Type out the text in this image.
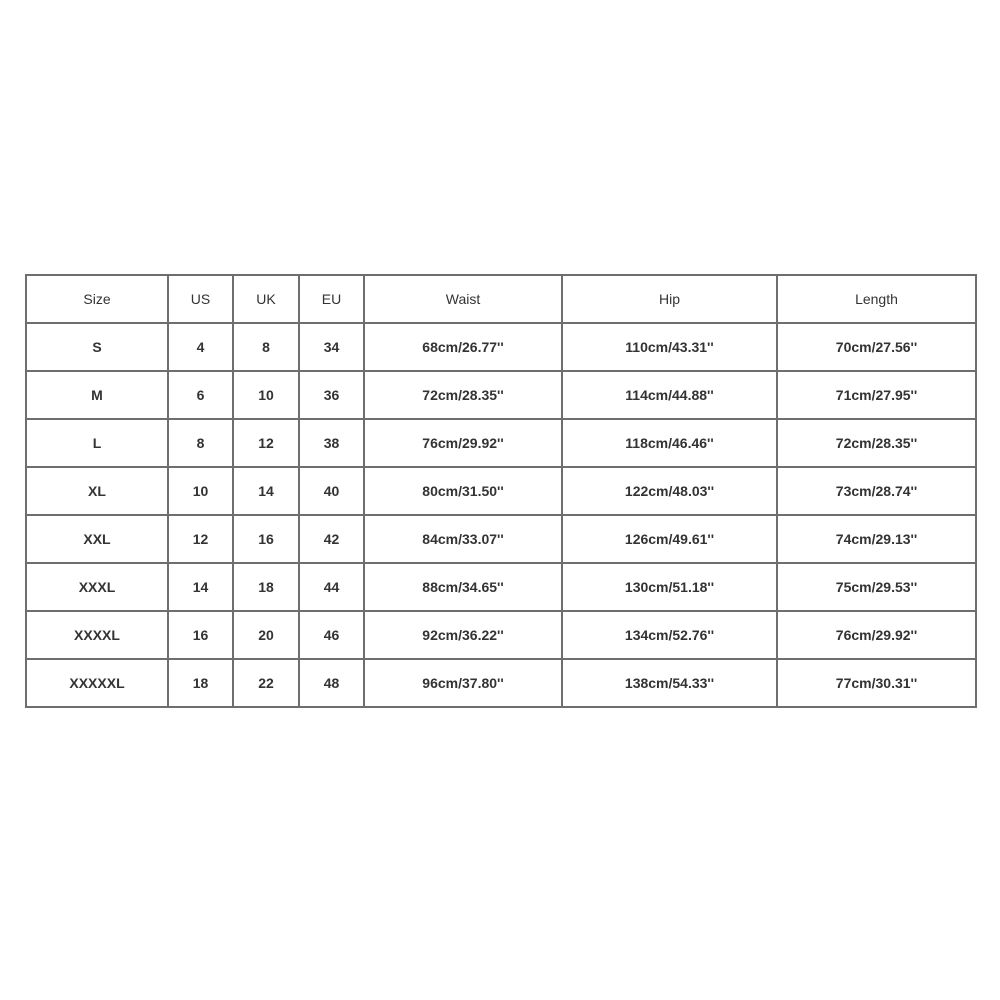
Size	US	UK	EU	Waist	Hip	Length
S	4	8	34	68cm/26.77''	110cm/43.31''	70cm/27.56''
M	6	10	36	72cm/28.35''	114cm/44.88''	71cm/27.95''
L	8	12	38	76cm/29.92''	118cm/46.46''	72cm/28.35''
XL	10	14	40	80cm/31.50''	122cm/48.03''	73cm/28.74''
XXL	12	16	42	84cm/33.07''	126cm/49.61''	74cm/29.13''
XXXL	14	18	44	88cm/34.65''	130cm/51.18''	75cm/29.53''
XXXXL	16	20	46	92cm/36.22''	134cm/52.76''	76cm/29.92''
XXXXXL	18	22	48	96cm/37.80''	138cm/54.33''	77cm/30.31''
